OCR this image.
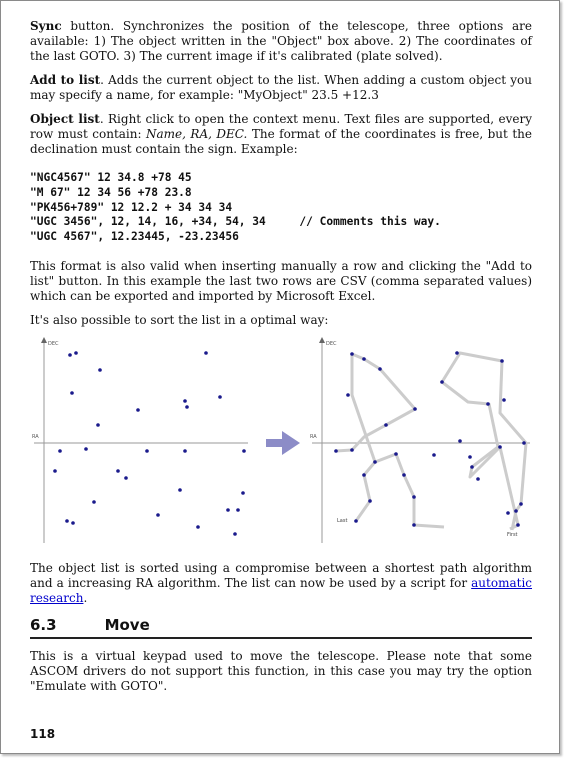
Sync button. Synchronizes the position of the telescope, three options are available: 1) The object written in the "Object" box above. 2) The coordinates of the last GOTO. 3) The current image if it's calibrated (plate solved).

Add to list. Adds the current object to the list. When adding a custom object you may specify a name, for example: "MyObject" 23.5 +12.3

Object list. Right click to open the context menu. Text files are supported, every row must contain: Name, RA, DEC. The format of the coordinates is free, but the declination must contain the sign. Example:

"NGC4567" 12 34.8 +78 45
"M 67" 12 34 56 +78 23.8
"PK456+789" 12 12.2 + 34 34 34
"UGC 3456", 12, 14, 16, +34, 54, 34     // Comments this way.
"UGC 4567", 12.23445, -23.23456

This format is also valid when inserting manually a row and clicking the "Add to list" button. In this example the last two rows are CSV (comma separated values) which can be exported and imported by Microsoft Excel.

It's also possible to sort the list in a optimal way:

DEC
RA
DEC
RA
Last
First

The object list is sorted using a compromise between a shortest path algorithm and a increasing RA algorithm. The list can now be used by a script for automatic research.

6.3	Move

This is a virtual keypad used to move the telescope. Please note that some ASCOM drivers do not support this function, in this case you may try the option "Emulate with GOTO".

118
